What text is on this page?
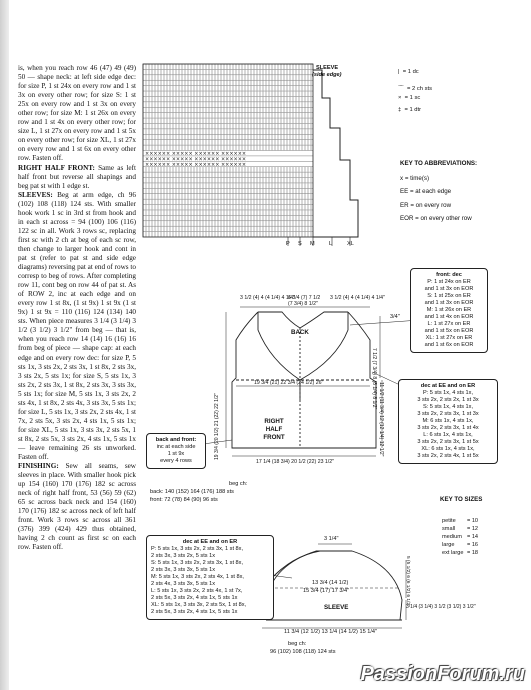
is, when you reach row 46 (47) 49 (49) 50 — shape neck: at left side edge dec: for size P, 1 st 24x on every row and 1 st 3x on every other row; for size S: 1 st 25x on every row and 1 st 3x on every other row; for size M: 1 st 26x on every row and 1 st 4x on every other row; for size L, 1 st 27x on every row and 1 st 5x on every other row; for size XL, 1 st 27x on every row and 1 st 6x on every other row. Fasten off.

RIGHT HALF FRONT: Same as left half front but reverse all shapings and beg pat st with 1 edge st.

SLEEVES: Beg at arm edge, ch 96 (102) 108 (118) 124 sts. With smaller hook work 1 sc in 3rd st from hook and in each st across = 94 (100) 106 (116) 122 sc in all. Work 3 rows sc, replacing first sc with 2 ch at beg of each sc row, then change to larger hook and cont in pat st (refer to pat st and side edge diagrams) reversing pat at end of rows to corresp to beg of rows. After completing row 11, cont beg on row 44 of pat st. As of ROW 2, inc at each edge and on every row 1 st 8x, (1 st 9x) 1 st 9x (1 st 9x) 1 st 9x = 110 (116) 124 (134) 140 sts. When piece measures 3 1/4 (3 1/4) 3 1/2 (3 1/2) 3 1/2" from beg — that is, when you reach row 14 (14) 16 (16) 16 from beg of piece — shape cap: at each edge and on every row dec: for size P, 5 sts 1x, 3 sts 2x, 2 sts 3x, 1 st 8x, 2 sts 3x, 3 sts 2x, 5 sts 1x; for size S, 5 sts 1x, 3 sts 2x, 2 sts 3x, 1 st 8x, 2 sts 3x, 3 sts 3x, 5 sts 1x; for size M, 5 sts 1x, 3 sts 2x, 2 sts 4x, 1 st 8x, 2 sts 4x, 3 sts 3x, 5 sts 1x; for size L, 5 sts 1x, 3 sts 2x, 2 sts 4x, 1 st 7x, 2 sts 5x, 3 sts 2x, 4 sts 1x, 5 sts 1x; for size XL, 5 sts 1x, 3 sts 3x, 2 sts 5x, 1 st 8x, 2 sts 5x, 3 sts 2x, 4 sts 1x, 5 sts 1x — leave remaining 26 sts unworked. Fasten off.

FINISHING: Sew all seams, sew sleeves in place. With smaller hook pick up 154 (160) 170 (176) 182 sc across neck of right half front, 53 (56) 59 (62) 65 sc across back neck and 154 (160) 170 (176) 182 sc across neck of left half front. Work 3 rows sc across all 361 (376) 399 (424) 429 thus obtained, having 2 ch count as first sc on each row. Fasten off.

×××××× ××××× ×××××× ××××××
×××××× ××××× ×××××× ××××××
×××××× ××××× ×××××× ××××××
SLEEVE
(side edge)
P S M	L	XL
| = 1 dc
⌒ = 2 ch sts
× = 1 sc
‡ = 1 dtr
KEY TO ABBREVIATIONS:
x = time(s)
EE = at each edge
ER = on every row
EOR = on every other row
3 1/2 (4) 4 (4 1/4) 4 1/4"
6 3/4 (7) 7 1/2
(7 3/4) 8 1/2"
3 1/2 (4) 4 (4 1/4) 4 1/4"
BACK
RIGHT HALF FRONT
3/4"
7 1/2 (7 3/4) 8 (8 1/4) 8 1/2"
19 3/4 (20 1/2) 21 (22) 22 1/2"	11 1/2 (11 3/4) 12 (12 1/4) 12 1/2"
19 3/4 (21) 22 3/4 (24 1/2) 26"
17 1/4 (18 3/4) 20 1/2 (22) 23 1/2"
front: dec
P: 1 st 24x on ER
and 1 st 3x on EOR
S: 1 st 25x on ER
and 1 st 3x on EOR
M: 1 st 26x on ER
and 1 st 4x on EOR
L: 1 st 27x on ER
and 1 st 5x on EOR
XL: 1 st 27x on ER
and 1 st 6x on EOR
dec at EE and on ER
P: 5 sts 1x, 4 sts 1x,
3 sts 2x, 2 sts 2x, 1 st 3x
S: 5 sts 1x, 4 sts 1x,
3 sts 2x, 2 sts 3x, 1 st 3x
M: 6 sts 1x, 4 sts 1x,
3 sts 2x, 2 sts 3x, 1 st 4x
L: 6 sts 1x, 4 sts 1x,
3 sts 2x, 2 sts 3x, 1 st 5x
XL: 6 sts 1x, 4 sts 1x,
3 sts 2x, 2 sts 4x, 1 st 5x
back and front:
inc at each side
1 st 9x
every 4 rows
beg ch:
back: 140 (152) 164 (176) 188 sts
front: 72 (78) 84 (90) 96 sts	KEY TO SIZES
petite = 10
small = 12
medium = 14
large = 16
ext large = 18
dec at EE and on ER
P: 5 sts 1x, 3 sts 2x, 2 sts 3x, 1 st 8x,
2 sts 3x, 3 sts 2x, 5 sts 1x
S: 5 sts 1x, 3 sts 2x, 2 sts 3x, 1 st 8x,
2 sts 3x, 3 sts 3x, 5 sts 1x
M: 5 sts 1x, 3 sts 2x, 2 sts 4x, 1 st 8x,
2 sts 4x, 3 sts 3x, 5 sts 1x
L: 5 sts 1x, 3 sts 2x, 2 sts 4x, 1 st 7x,
2 sts 5x, 3 sts 2x, 4 sts 1x, 5 sts 1x
XL: 5 sts 1x, 3 sts 3x, 2 sts 5x, 1 st 8x,
2 sts 5x, 3 sts 2x, 4 sts 1x, 5 sts 1x
3 1/4"
13 3/4 (14 1/2)
15 3/4 (17) 17 3/4"
SLEEVE
5 (5 1/2) 6 (6 1/2) 6 1/2"
3 1/4 (3 1/4) 3 1/2 (3 1/2) 3 1/2"
11 3/4 (12 1/2) 13 1/4 (14 1/2) 15 1/4"
beg ch:
96 (102) 108 (118) 124 sts
PassionForum.ru
